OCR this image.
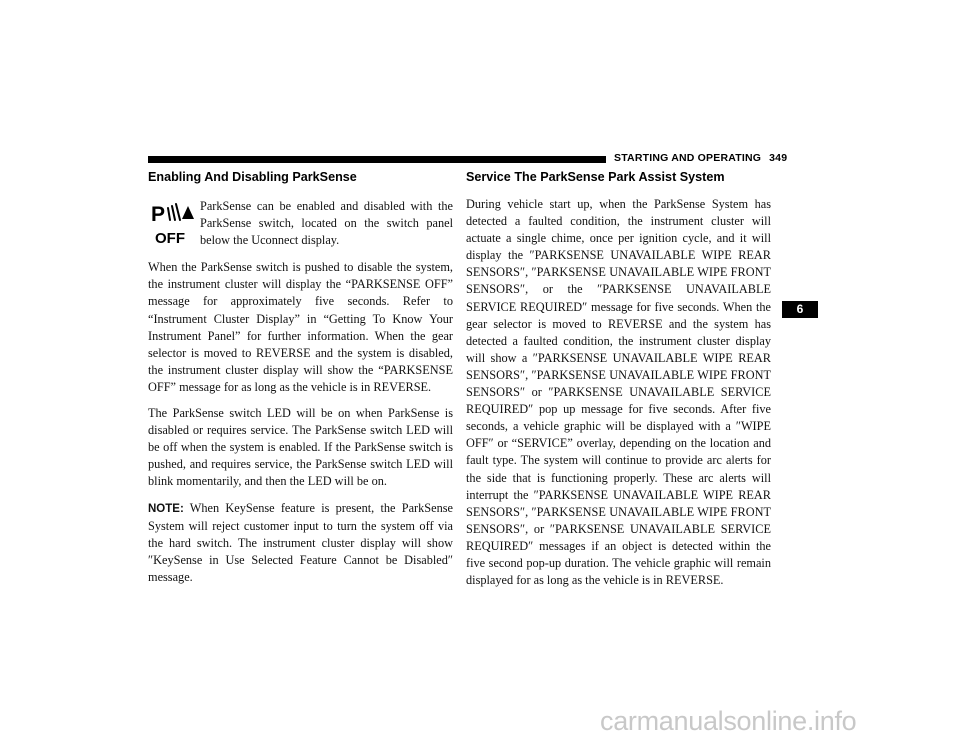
STARTING AND OPERATING 349
Enabling And Disabling ParkSense
P
OFF

ParkSense can be enabled and disabled with the ParkSense switch, located on the switch panel below the Uconnect display.

When the ParkSense switch is pushed to disable the system, the instrument cluster will display the “PARKSENSE OFF” message for approximately five seconds. Refer to “Instrument Cluster Display” in “Getting To Know Your Instrument Panel” for further information. When the gear selector is moved to REVERSE and the system is disabled, the instrument cluster display will show the “PARKSENSE OFF” message for as long as the vehicle is in REVERSE.

The ParkSense switch LED will be on when ParkSense is disabled or requires service. The ParkSense switch LED will be off when the system is enabled. If the ParkSense switch is pushed, and requires service, the ParkSense switch LED will blink momentarily, and then the LED will be on.

NOTE: When KeySense feature is present, the ParkSense System will reject customer input to turn the system off via the hard switch. The instrument cluster display will show ″KeySense in Use Selected Feature Cannot be Disabled″ message.

Service The ParkSense Park Assist System

During vehicle start up, when the ParkSense System has detected a faulted condition, the instrument cluster will actuate a single chime, once per ignition cycle, and it will display the ″PARKSENSE UNAVAILABLE WIPE REAR SENSORS″, ″PARKSENSE UNAVAILABLE WIPE FRONT SENSORS″, or the ″PARKSENSE UNAVAILABLE SERVICE REQUIRED″ message for five seconds. When the gear selector is moved to REVERSE and the system has detected a faulted condition, the instrument cluster display will show a ″PARKSENSE UNAVAILABLE WIPE REAR SENSORS″, ″PARKSENSE UNAVAILABLE WIPE FRONT SENSORS″ or ″PARKSENSE UNAVAILABLE SERVICE REQUIRED″ pop up message for five seconds. After five seconds, a vehicle graphic will be displayed with a ″WIPE OFF″ or “SERVICE” overlay, depending on the location and fault type. The system will continue to provide arc alerts for the side that is functioning properly. These arc alerts will interrupt the ″PARKSENSE UNAVAILABLE WIPE REAR SENSORS″, ″PARKSENSE UNAVAILABLE WIPE FRONT SENSORS″, or ″PARKSENSE UNAVAILABLE SERVICE REQUIRED″ messages if an object is detected within the five second pop-up duration. The vehicle graphic will remain displayed for as long as the vehicle is in REVERSE.

6
carmanualsonline.info
